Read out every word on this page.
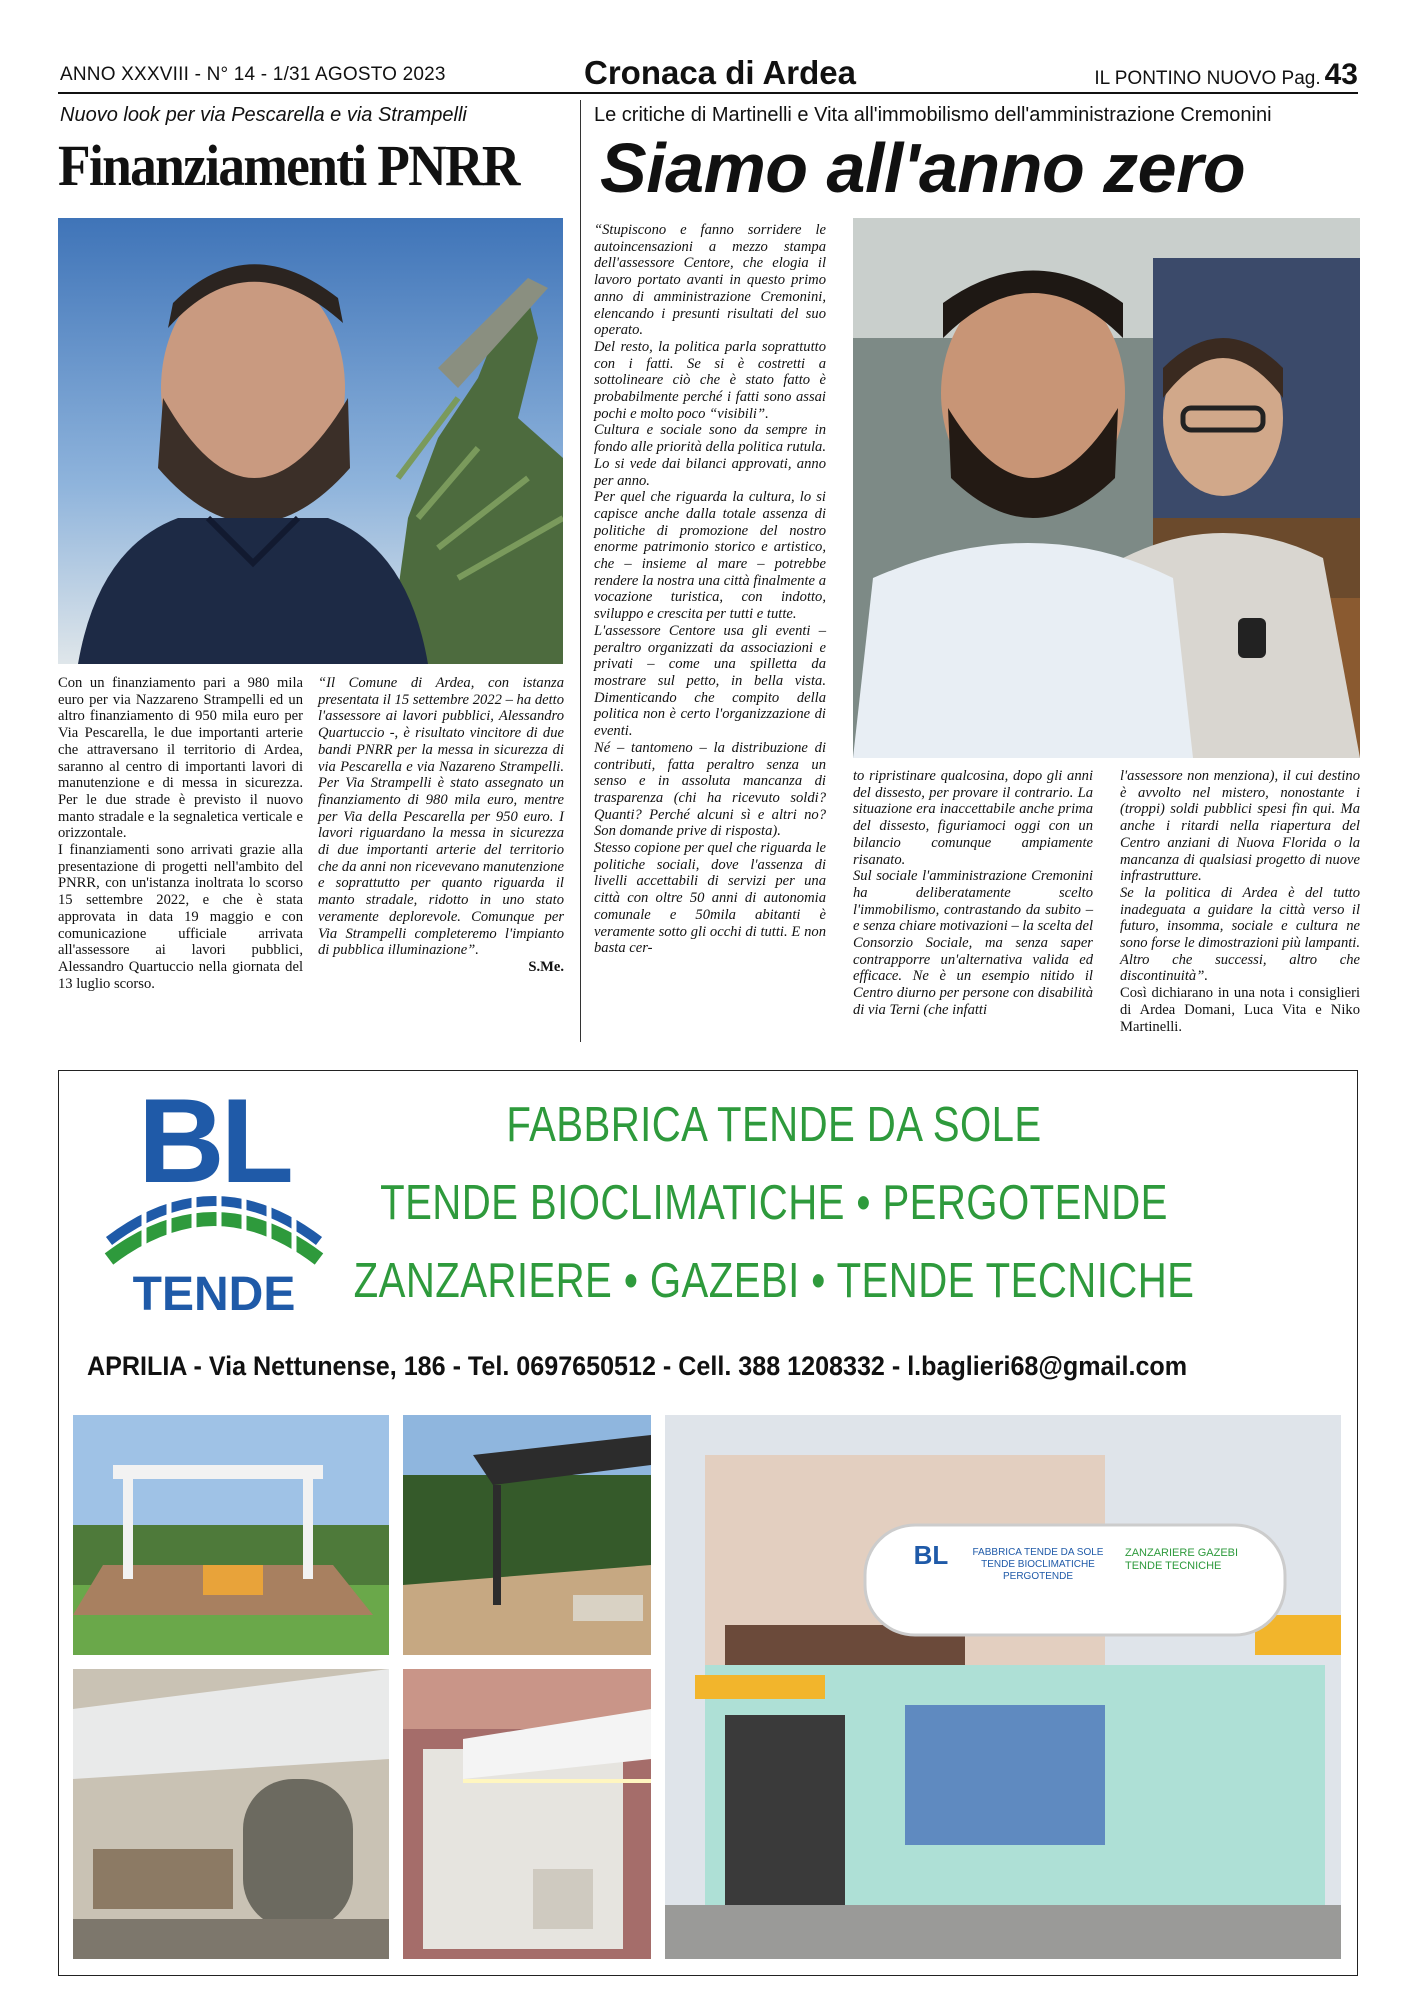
ANNO XXXVIII - N° 14 - 1/31 AGOSTO 2023	Cronaca di Ardea	IL PONTINO NUOVO Pag. 43
Nuovo look per via Pescarella e via Strampelli
Finanziamenti PNRR

Con un finanziamento pari a 980 mila euro per via Nazzareno Strampelli ed un altro finanziamento di 950 mila euro per Via Pescarella, le due importanti arterie che attraversano il territorio di Ardea, saranno al centro di importanti lavori di manutenzione e di messa in sicurezza. Per le due strade è previsto il nuovo manto stradale e la segnaletica verticale e orizzontale.

I finanziamenti sono arrivati grazie alla presentazione di progetti nell'ambito del PNRR, con un'istanza inoltrata lo scorso 15 settembre 2022, e che è stata approvata in data 19 maggio e con comunicazione ufficiale arrivata all'assessore ai lavori pubblici, Alessandro Quartuccio nella giornata del 13 luglio scorso.

“Il Comune di Ardea, con istanza presentata il 15 settembre 2022 – ha detto l'assessore ai lavori pubblici, Alessandro Quartuccio -, è risultato vincitore di due bandi PNRR per la messa in sicurezza di via Pescarella e via Nazareno Strampelli. Per Via Strampelli è stato assegnato un finanziamento di 980 mila euro, mentre per Via della Pescarella per 950 euro. I lavori riguardano la messa in sicurezza di due importanti arterie del territorio che da anni non ricevevano manutenzione e soprattutto per quanto riguarda il manto stradale, ridotto in uno stato veramente deplorevole. Comunque per Via Strampelli completeremo l'impianto di pubblica illuminazione”.

S.Me.

Le critiche di Martinelli e Vita all'immobilismo dell'amministrazione Cremonini
Siamo all'anno zero

“Stupiscono e fanno sorridere le autoincensazioni a mezzo stampa dell'assessore Centore, che elogia il lavoro portato avanti in questo primo anno di amministrazione Cremonini, elencando i presunti risultati del suo operato.

Del resto, la politica parla soprattutto con i fatti. Se si è costretti a sottolineare ciò che è stato fatto è probabilmente perché i fatti sono assai pochi e molto poco “visibili”.

Cultura e sociale sono da sempre in fondo alle priorità della politica rutula. Lo si vede dai bilanci approvati, anno per anno.

Per quel che riguarda la cultura, lo si capisce anche dalla totale assenza di politiche di promozione del nostro enorme patrimonio storico e artistico, che – insieme al mare – potrebbe rendere la nostra una città finalmente a vocazione turistica, con indotto, sviluppo e crescita per tutti e tutte.

L'assessore Centore usa gli eventi – peraltro organizzati da associazioni e privati – come una spilletta da mostrare sul petto, in bella vista. Dimenticando che compito della politica non è certo l'organizzazione di eventi.

Né – tantomeno – la distribuzione di contributi, fatta peraltro senza un senso e in assoluta mancanza di trasparenza (chi ha ricevuto soldi? Quanti? Perché alcuni sì e altri no? Son domande prive di risposta).

Stesso copione per quel che riguarda le politiche sociali, dove l'assenza di livelli accettabili di servizi per una città con oltre 50 anni di autonomia comunale e 50mila abitanti è veramente sotto gli occhi di tutti. E non basta cer-

to ripristinare qualcosina, dopo gli anni del dissesto, per provare il contrario. La situazione era inaccettabile anche prima del dissesto, figuriamoci oggi con un bilancio comunque ampiamente risanato.

Sul sociale l'amministrazione Cremonini ha deliberatamente scelto l'immobilismo, contrastando da subito – e senza chiare motivazioni – la scelta del Consorzio Sociale, ma senza saper contrapporre un'alternativa valida ed efficace. Ne è un esempio nitido il Centro diurno per persone con disabilità di via Terni (che infatti

l'assessore non menziona), il cui destino è avvolto nel mistero, nonostante i (troppi) soldi pubblici spesi fin qui. Ma anche i ritardi nella riapertura del Centro anziani di Nuova Florida o la mancanza di qualsiasi progetto di nuove infrastrutture.

Se la politica di Ardea è del tutto inadeguata a guidare la città verso il futuro, insomma, sociale e cultura ne sono forse le dimostrazioni più lampanti. Altro che successi, altro che discontinuità”.

Così dichiarano in una nota i consiglieri di Ardea Domani, Luca Vita e Niko Martinelli.

BL
TENDE
FABBRICA TENDE DA SOLE
TENDE BIOCLIMATICHE • PERGOTENDE
ZANZARIERE • GAZEBI • TENDE TECNICHE
APRILIA - Via Nettunense, 186 - Tel. 0697650512 - Cell. 388 1208332 - l.baglieri68@gmail.com
BL	FABBRICA TENDE DA SOLE TENDE BIOCLIMATICHE PERGOTENDE
ZANZARIERE GAZEBI TENDE TECNICHE
